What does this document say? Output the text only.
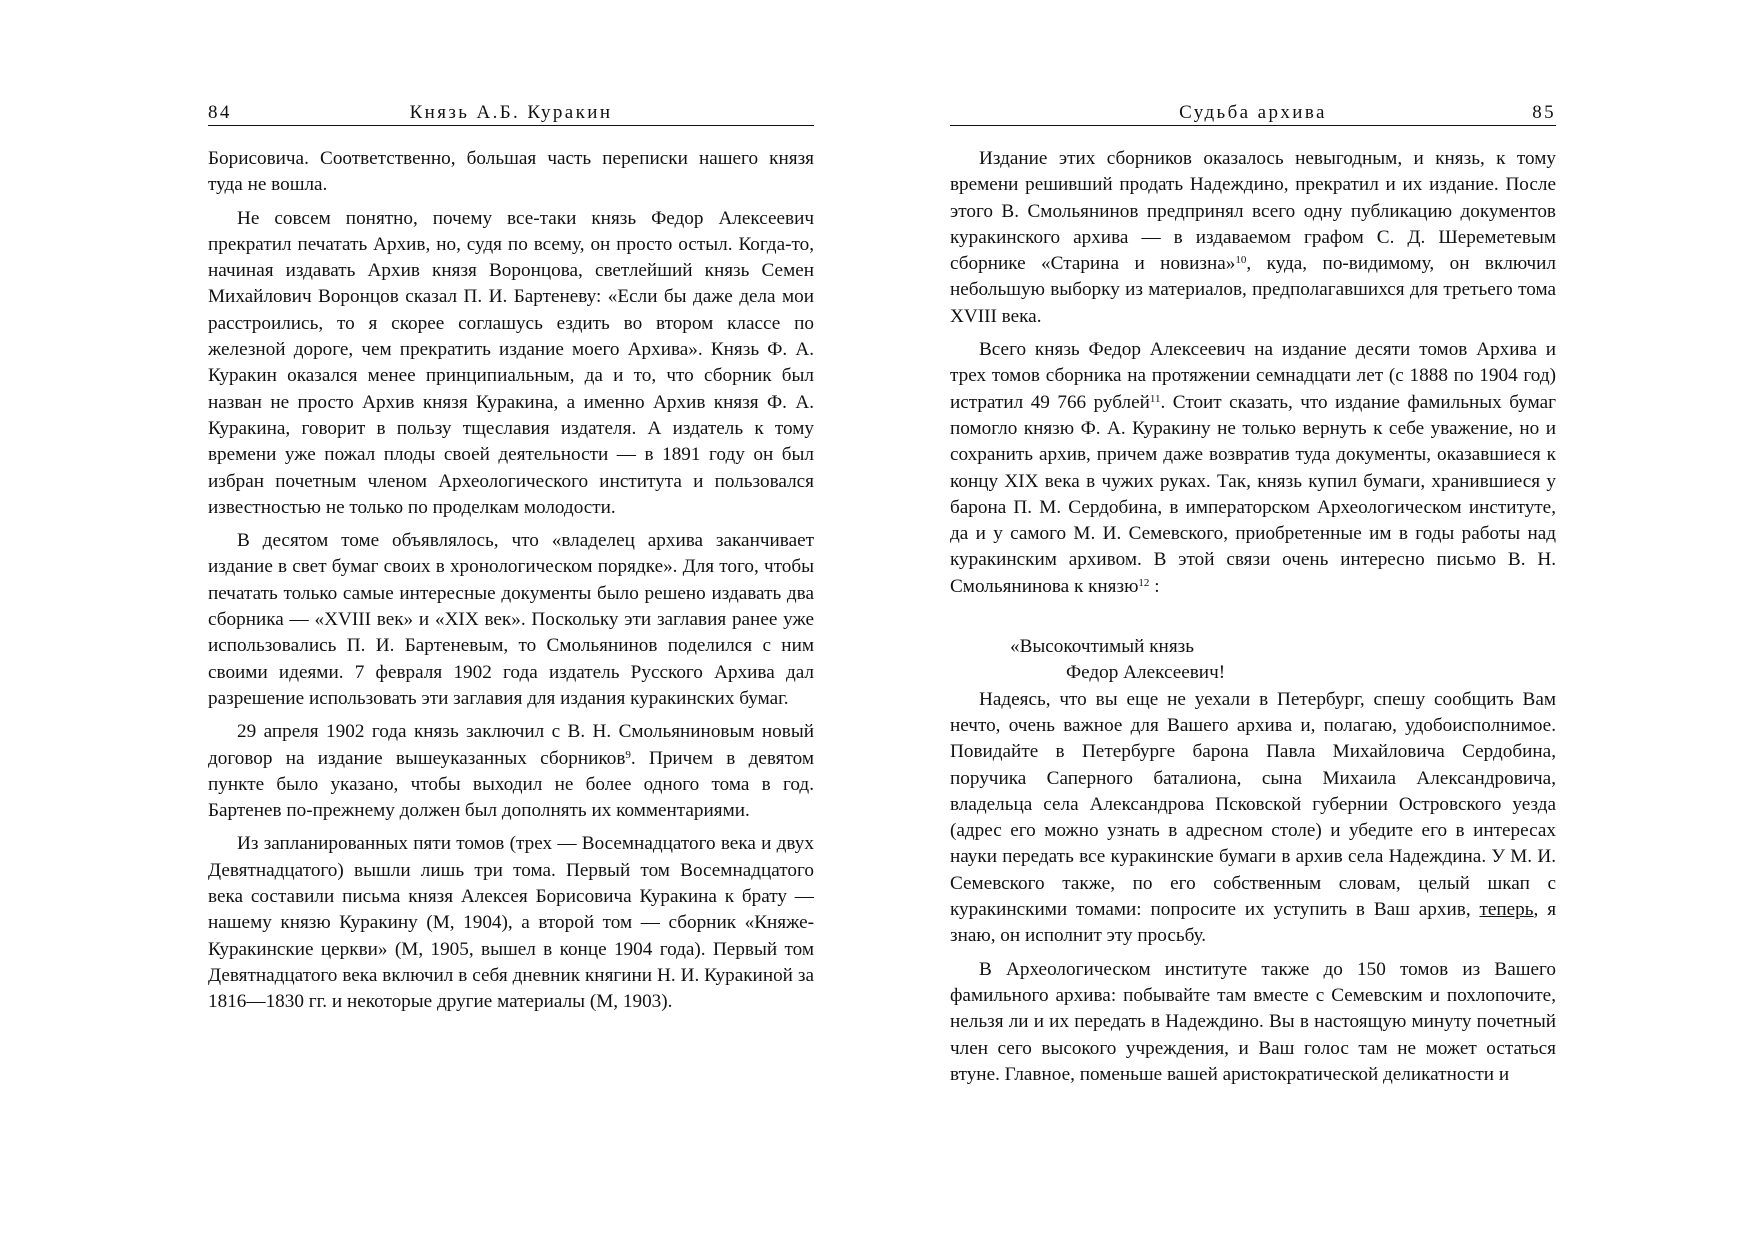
84	Князь А.Б. Куракин

Борисовича. Соответственно, большая часть переписки нашего князя туда не вошла.

Не совсем понятно, почему все-таки князь Федор Алексеевич прекратил печатать Архив, но, судя по всему, он просто остыл. Когда-то, начиная издавать Архив князя Воронцова, светлейший князь Семен Михайлович Воронцов сказал П. И. Бартеневу: «Если бы даже дела мои расстроились, то я скорее соглашусь ездить во втором классе по железной дороге, чем прекратить издание моего Архива». Князь Ф. А. Куракин оказался менее принципиальным, да и то, что сборник был назван не просто Архив князя Куракина, а именно Архив князя Ф. А. Куракина, говорит в пользу тщеславия издателя. А издатель к тому времени уже пожал плоды своей деятельности — в 1891 году он был избран почетным членом Археологического института и пользовался известностью не только по проделкам молодости.

В десятом томе объявлялось, что «владелец архива заканчивает издание в свет бумаг своих в хронологическом порядке». Для того, чтобы печатать только самые интересные документы было решено издавать два сборника — «XVIII век» и «XIX век». Поскольку эти заглавия ранее уже использовались П. И. Бартеневым, то Смольянинов поделился с ним своими идеями. 7 февраля 1902 года издатель Русского Архива дал разрешение использовать эти заглавия для издания куракинских бумаг.

29 апреля 1902 года князь заключил с В. Н. Смольяниновым новый договор на издание вышеуказанных сборников$^9$. Причем в девятом пункте было указано, чтобы выходил не более одного тома в год. Бартенев по-прежнему должен был дополнять их комментариями.

Из запланированных пяти томов (трех — Восемнадцатого века и двух Девятнадцатого) вышли лишь три тома. Первый том Восемнадцатого века составили письма князя Алексея Борисовича Куракина к брату — нашему князю Куракину (М, 1904), а второй том — сборник «Княже-Куракинские церкви» (М, 1905, вышел в конце 1904 года). Первый том Девятнадцатого века включил в себя дневник княгини Н. И. Куракиной за 1816—1830 гг. и некоторые другие материалы (М, 1903).

Судьба архива	85

Издание этих сборников оказалось невыгодным, и князь, к тому времени решивший продать Надеждино, прекратил и их издание. После этого В. Смольянинов предпринял всего одну публикацию документов куракинского архива — в издаваемом графом С. Д. Шереметевым сборнике «Старина и новизна»$^{10}$, куда, по-видимому, он включил небольшую выборку из материалов, предполагавшихся для третьего тома XVIII века.

Всего князь Федор Алексеевич на издание десяти томов Архива и трех томов сборника на протяжении семнадцати лет (с 1888 по 1904 год) истратил 49 766 рублей$^{11}$. Стоит сказать, что издание фамильных бумаг помогло князю Ф. А. Куракину не только вернуть к себе уважение, но и сохранить архив, причем даже возвратив туда документы, оказавшиеся к концу XIX века в чужих руках. Так, князь купил бумаги, хранившиеся у барона П. М. Сердобина, в императорском Археологическом институте, да и у самого М. И. Семевского, приобретенные им в годы работы над куракинским архивом. В этой связи очень интересно письмо В. Н. Смольянинова к князю$^{12}$ :

«Высокочтимый князь
Федор Алексеевич!

Надеясь, что вы еще не уехали в Петербург, спешу сообщить Вам нечто, очень важное для Вашего архива и, полагаю, удобоисполнимое. Повидайте в Петербурге барона Павла Михайловича Сердобина, поручика Саперного баталиона, сына Михаила Александровича, владельца села Александрова Псковской губернии Островского уезда (адрес его можно узнать в адресном столе) и убедите его в интересах науки передать все куракинские бумаги в архив села Надеждина. У М. И. Семевского также, по его собственным словам, целый шкап с куракинскими томами: попросите их уступить в Ваш архив, теперь, я знаю, он исполнит эту просьбу.

В Археологическом институте также до 150 томов из Вашего фамильного архива: побывайте там вместе с Семевским и похлопочите, нельзя ли и их передать в Надеждино. Вы в настоящую минуту почетный член сего высокого учреждения, и Ваш голос там не может остаться втуне. Главное, поменьше вашей аристократической деликатности и
